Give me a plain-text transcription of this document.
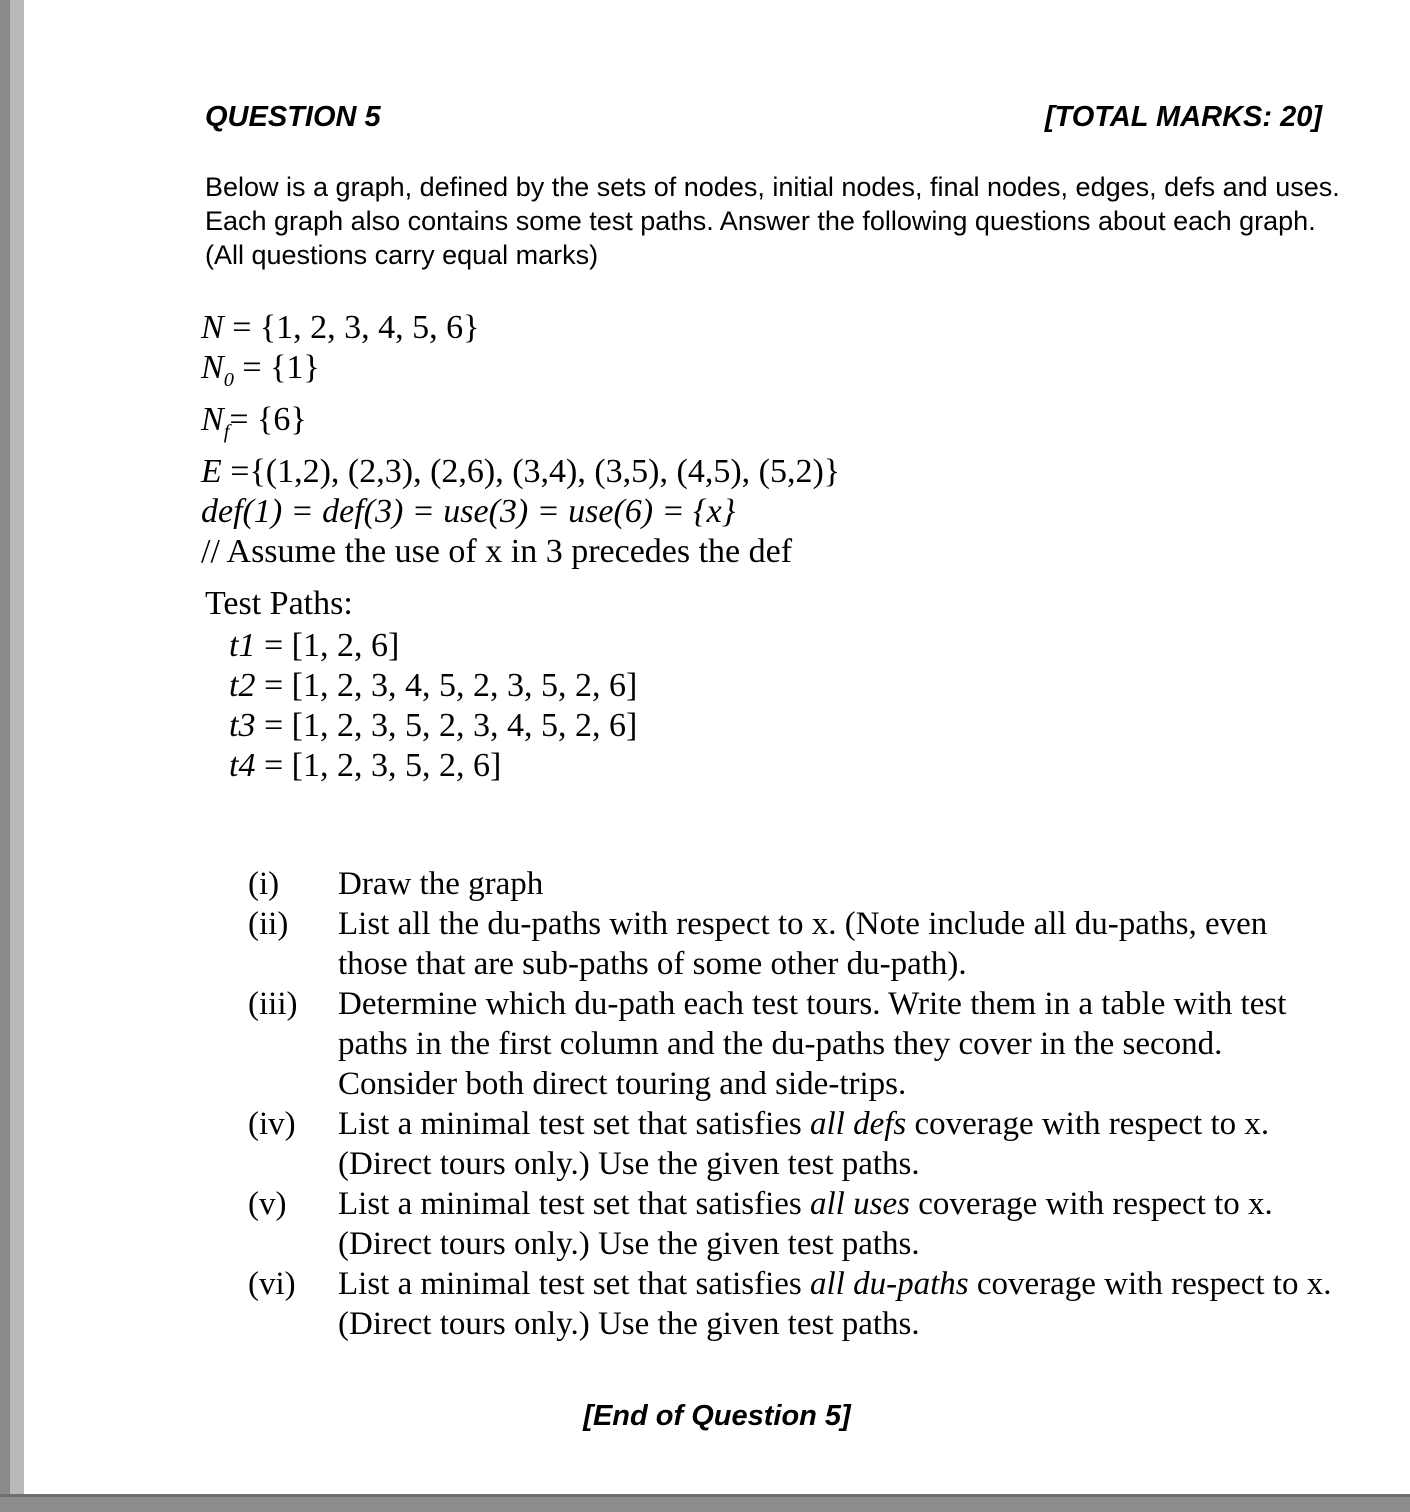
QUESTION 5	[TOTAL MARKS: 20]
Below is a graph, defined by the sets of nodes, initial nodes, final nodes, edges, defs and uses. Each graph also contains some test paths. Answer the following questions about each graph. (All questions carry equal marks)
N = {1, 2, 3, 4, 5, 6}
$N_0 = \{1\}$
$N_f= \{6\}$
E ={(1,2), (2,3), (2,6), (3,4), (3,5), (4,5), (5,2)}
def(1) = def(3) = use(3) = use(6) = {x}
// Assume the use of x in 3 precedes the def
Test Paths:
t1 = [1, 2, 6]
t2 = [1, 2, 3, 4, 5, 2, 3, 5, 2, 6]
t3 = [1, 2, 3, 5, 2, 3, 4, 5, 2, 6]
t4 = [1, 2, 3, 5, 2, 6]
(i)	Draw the graph
(ii)	List all the du-paths with respect to x. (Note include all du-paths, even those that are sub-paths of some other du-path).
(iii)	Determine which du-path each test tours. Write them in a table with test paths in the first column and the du-paths they cover in the second. Consider both direct touring and side-trips.
(iv)	List a minimal test set that satisfies all defs coverage with respect to x. (Direct tours only.) Use the given test paths.
(v)	List a minimal test set that satisfies all uses coverage with respect to x. (Direct tours only.) Use the given test paths.
(vi)	List a minimal test set that satisfies all du-paths coverage with respect to x. (Direct tours only.) Use the given test paths.
[End of Question 5]
